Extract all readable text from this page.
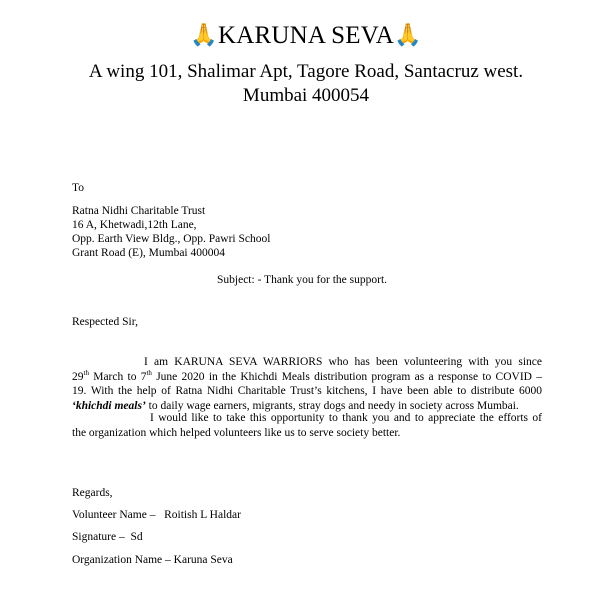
🙏KARUNA SEVA🙏
A wing 101, Shalimar Apt, Tagore Road, Santacruz west.
Mumbai 400054
To
Ratna Nidhi Charitable Trust
16 A, Khetwadi,12th Lane,
Opp. Earth View Bldg., Opp. Pawri School
Grant Road (E), Mumbai 400004
Subject: - Thank you for the support.
Respected Sir,
I am KARUNA SEVA WARRIORS who has been volunteering with you since
29th March to 7th June 2020 in the Khichdi Meals distribution program as a response to COVID –
19. With the help of Ratna Nidhi Charitable Trust’s kitchens, I have been able to distribute 6000
‘khichdi meals’ to daily wage earners, migrants, stray dogs and needy in society across Mumbai.
I would like to take this opportunity to thank you and to appreciate the efforts of
the organization which helped volunteers like us to serve society better.
Regards,
Volunteer Name –   Roitish L Haldar
Signature –  Sd
Organization Name – Karuna Seva
